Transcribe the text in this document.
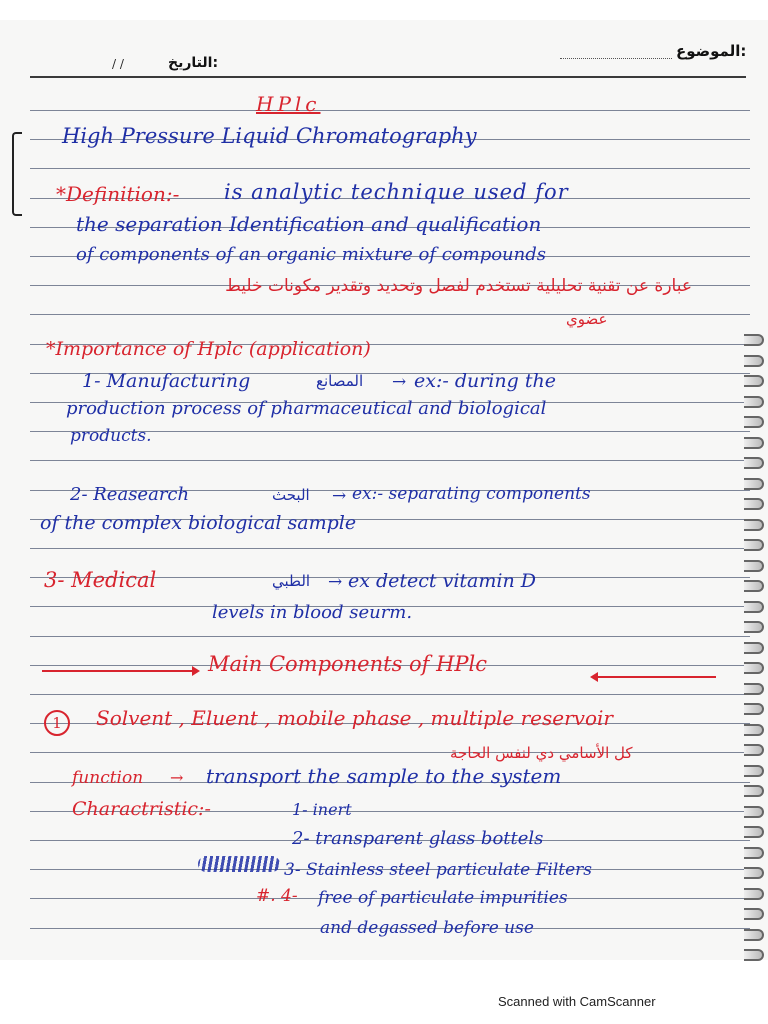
الموضوع:
التاريخ:
/ /
HPlc
High Pressure Liquid Chromatography
*Definition:- is analytic technique used for
the separation Identification and qualification
of components of an organic mixture of compounds
عبارة عن تقنية تحليلية تستخدم لفصل وتحديد وتقدير مكونات خليط
عضوي
*Importance of Hplc (application)
1- Manufacturing	المصانع → ex:- during the
production process of pharmaceutical and biological
products.
2- Reasearch	البحث → ex:- separating components
of the complex biological sample
3- Medical	الطبي → ex detect vitamin D
levels in blood seurm.
Main Components of HPlc
1	Solvent , Eluent , mobile phase , multiple reservoir
كل الأسامي دي لنفس الحاجة
function → transport the sample to the system
Charactristic:-	1- inert
2- transparent glass bottels
3- Stainless steel particulate Filters
#. 4- free of particulate impurities
and degassed before use
Scanned with CamScanner
